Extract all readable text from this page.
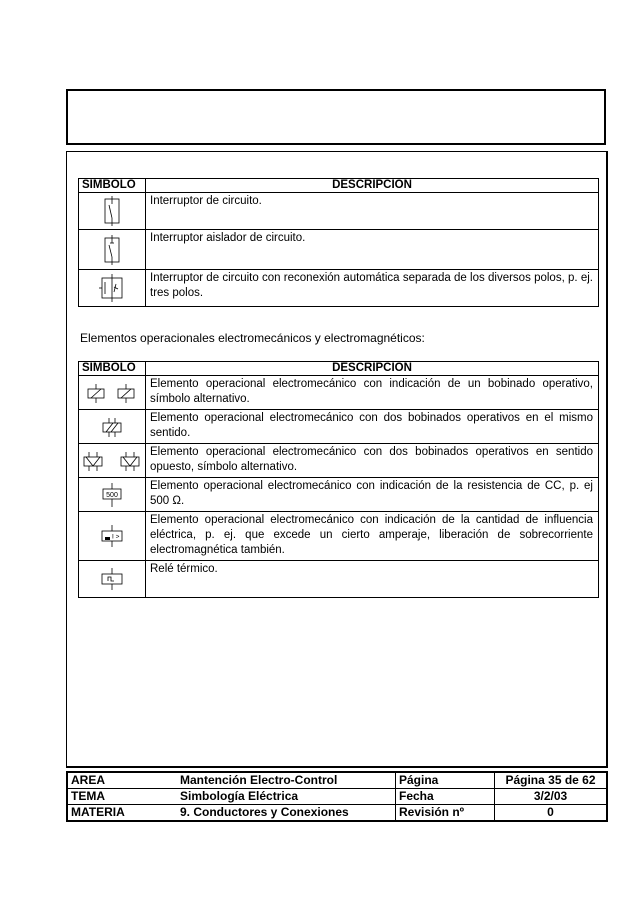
SIMBOLO	DESCRIPCION

	Interruptor de circuito.

	Interruptor aislador de circuito.

	Interruptor de circuito con reconexión automática separada de los diversos polos, p. ej. tres polos.
Elementos operacionales electromecánicos y electromagnéticos:
SIMBOLO	DESCRIPCION

	Elemento operacional electromecánico con indicación de un bobinado operativo, símbolo alternativo.

	Elemento operacional electromecánico con dos bobinados operativos en el mismo sentido.

	Elemento operacional electromecánico con dos bobinados operativos en sentido opuesto, símbolo alternativo.

500	Elemento operacional electromecánico con indicación de la resistencia de CC, p. ej 500 Ω.

I >	Elemento operacional electromecánico con indicación de la cantidad de influencia eléctrica, p. ej. que excede un cierto amperaje, liberación de sobrecorriente electromagnética también.

	Relé térmico.
AREA	Mantención Electro-Control	Página	Página 35 de 62
TEMA	Simbología Eléctrica	Fecha	3/2/03
MATERIA	9. Conductores y Conexiones	Revisión nº	0
